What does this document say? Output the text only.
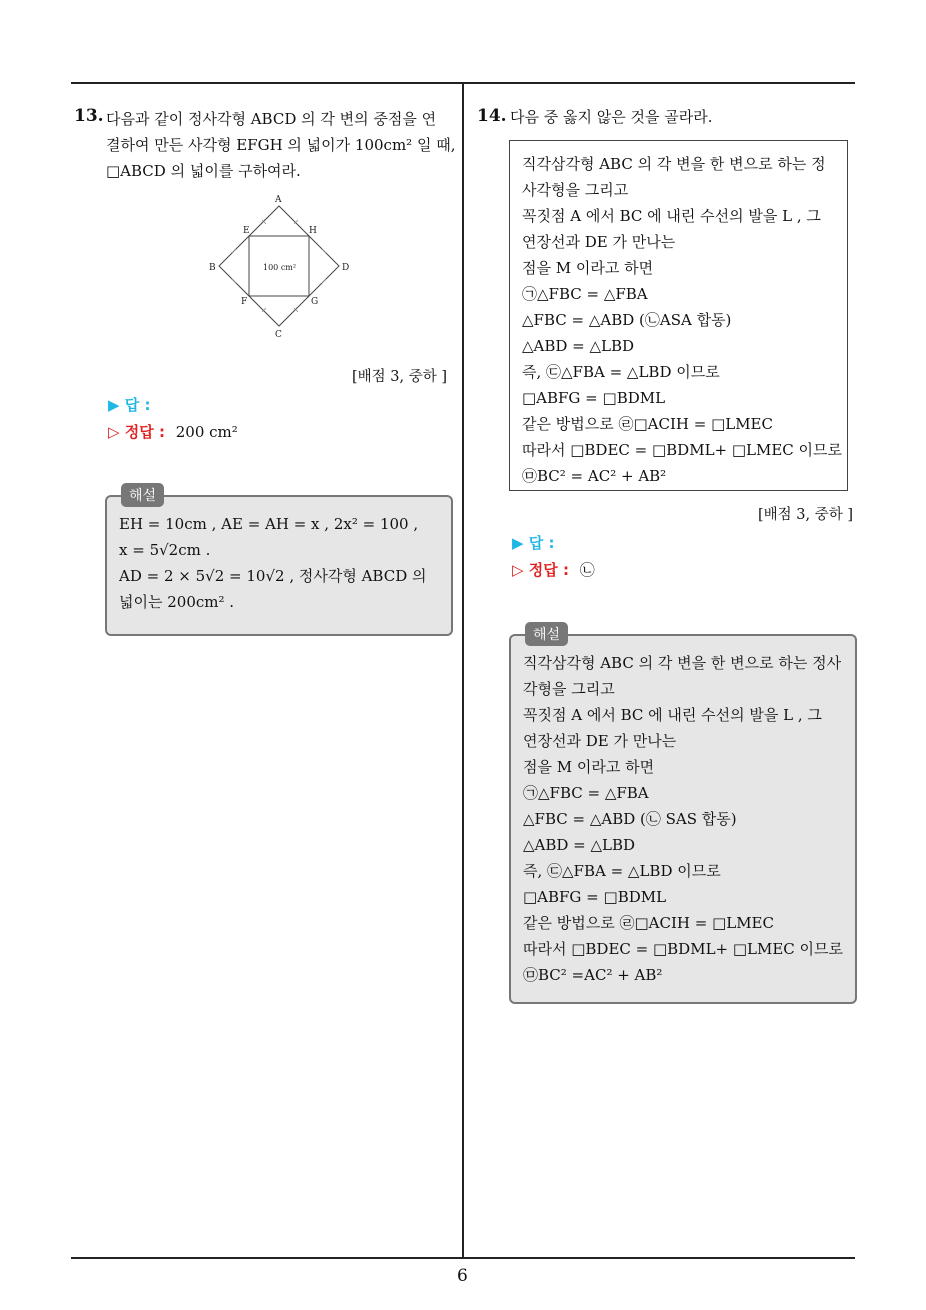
6
13. 다음과 같이 정사각형 ABCD 의 각 변의 중점을 연
결하여 만든 사각형 EFGH 의 넓이가 100cm² 일 때,
□ABCD 의 넓이를 구하여라.
A
B
C
D
E	H
F	G
100 cm²
[배점 3, 중하 ]
▶ 답 :
▷ 정답 : 200 cm²
해설

EH = 10cm , AE = AH = x , 2x² = 100 ,

x = 5√2cm .

AD = 2 × 5√2 = 10√2 , 정사각형 ABCD 의

넓이는 200cm² .

14. 다음 중 옳지 않은 것을 골라라.

직각삼각형 ABC 의 각 변을 한 변으로 하는 정

사각형을 그리고

꼭짓점 A 에서 BC 에 내린 수선의 발을 L , 그

연장선과 DE 가 만나는

점을 M 이라고 하면

㉠△FBC = △FBA

△FBC = △ABD (㉡ASA 합동)

△ABD = △LBD

즉, ㉢△FBA = △LBD 이므로

□ABFG = □BDML

같은 방법으로 ㉣□ACIH = □LMEC

따라서 □BDEC = □BDML+ □LMEC 이므로

㉤BC² = AC² + AB²

[배점 3, 중하 ]
▶ 답 :
▷ 정답 : ㉡
해설

직각삼각형 ABC 의 각 변을 한 변으로 하는 정사

각형을 그리고

꼭짓점 A 에서 BC 에 내린 수선의 발을 L , 그

연장선과 DE 가 만나는

점을 M 이라고 하면

㉠△FBC = △FBA

△FBC = △ABD (㉡ SAS 합동)

△ABD = △LBD

즉, ㉢△FBA = △LBD 이므로

□ABFG = □BDML

같은 방법으로 ㉣□ACIH = □LMEC

따라서 □BDEC = □BDML+ □LMEC 이므로

㉤BC² =AC² + AB²
